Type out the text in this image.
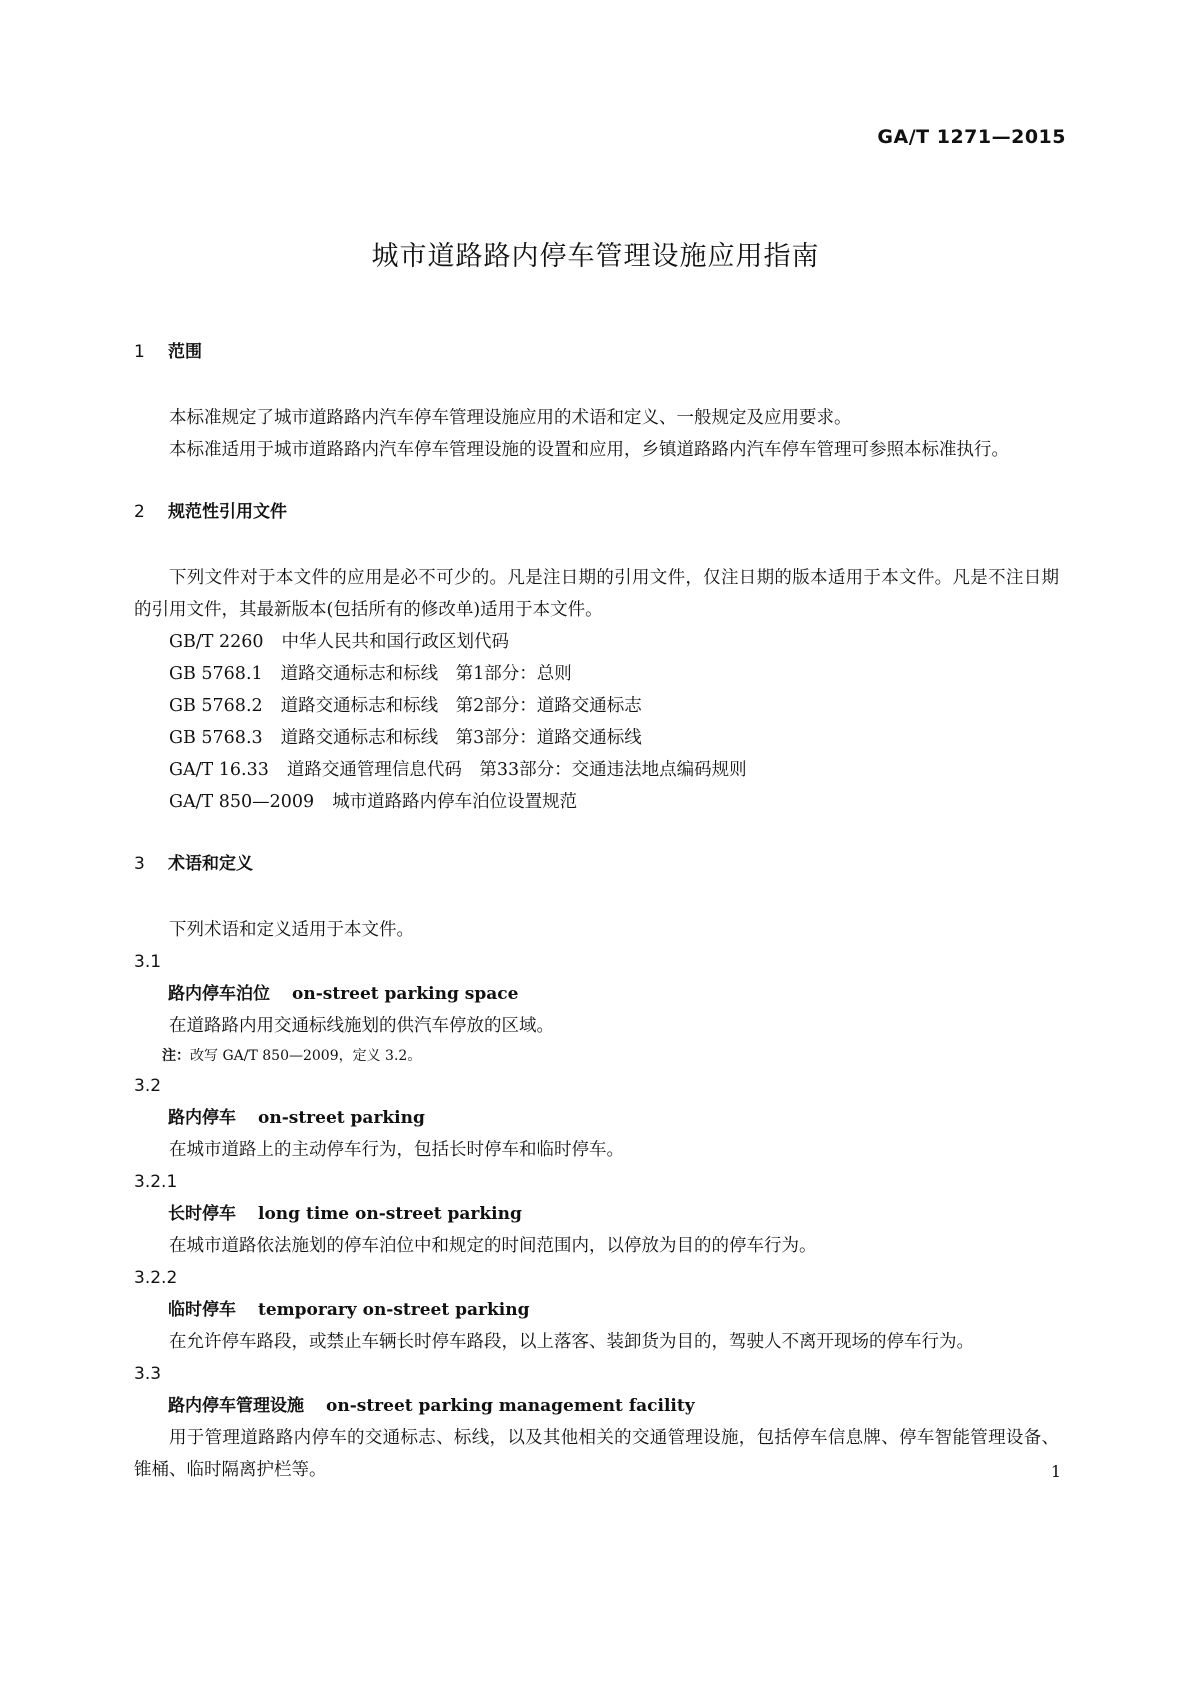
GA/T 1271—2015
城市道路路内停车管理设施应用指南
1 范围

本标准规定了城市道路路内汽车停车管理设施应用的术语和定义、一般规定及应用要求。

本标准适用于城市道路路内汽车停车管理设施的设置和应用，乡镇道路路内汽车停车管理可参照本标准执行。

2 规范性引用文件

下列文件对于本文件的应用是必不可少的。凡是注日期的引用文件，仅注日期的版本适用于本文件。凡是不注日期的引用文件，其最新版本(包括所有的修改单)适用于本文件。

GB/T 2260 中华人民共和国行政区划代码

GB 5768.1 道路交通标志和标线　第1部分：总则

GB 5768.2 道路交通标志和标线　第2部分：道路交通标志

GB 5768.3 道路交通标志和标线　第3部分：道路交通标线

GA/T 16.33 道路交通管理信息代码　第33部分：交通违法地点编码规则

GA/T 850—2009 城市道路路内停车泊位设置规范

3 术语和定义

下列术语和定义适用于本文件。

3.1

路内停车泊位 on-street parking space

在道路路内用交通标线施划的供汽车停放的区域。

注：改写 GA/T 850—2009，定义 3.2。

3.2

路内停车 on-street parking

在城市道路上的主动停车行为，包括长时停车和临时停车。

3.2.1

长时停车 long time on-street parking

在城市道路依法施划的停车泊位中和规定的时间范围内，以停放为目的的停车行为。

3.2.2

临时停车 temporary on-street parking

在允许停车路段，或禁止车辆长时停车路段，以上落客、装卸货为目的，驾驶人不离开现场的停车行为。

3.3

路内停车管理设施 on-street parking management facility

用于管理道路路内停车的交通标志、标线，以及其他相关的交通管理设施，包括停车信息牌、停车智能管理设备、锥桶、临时隔离护栏等。	1
